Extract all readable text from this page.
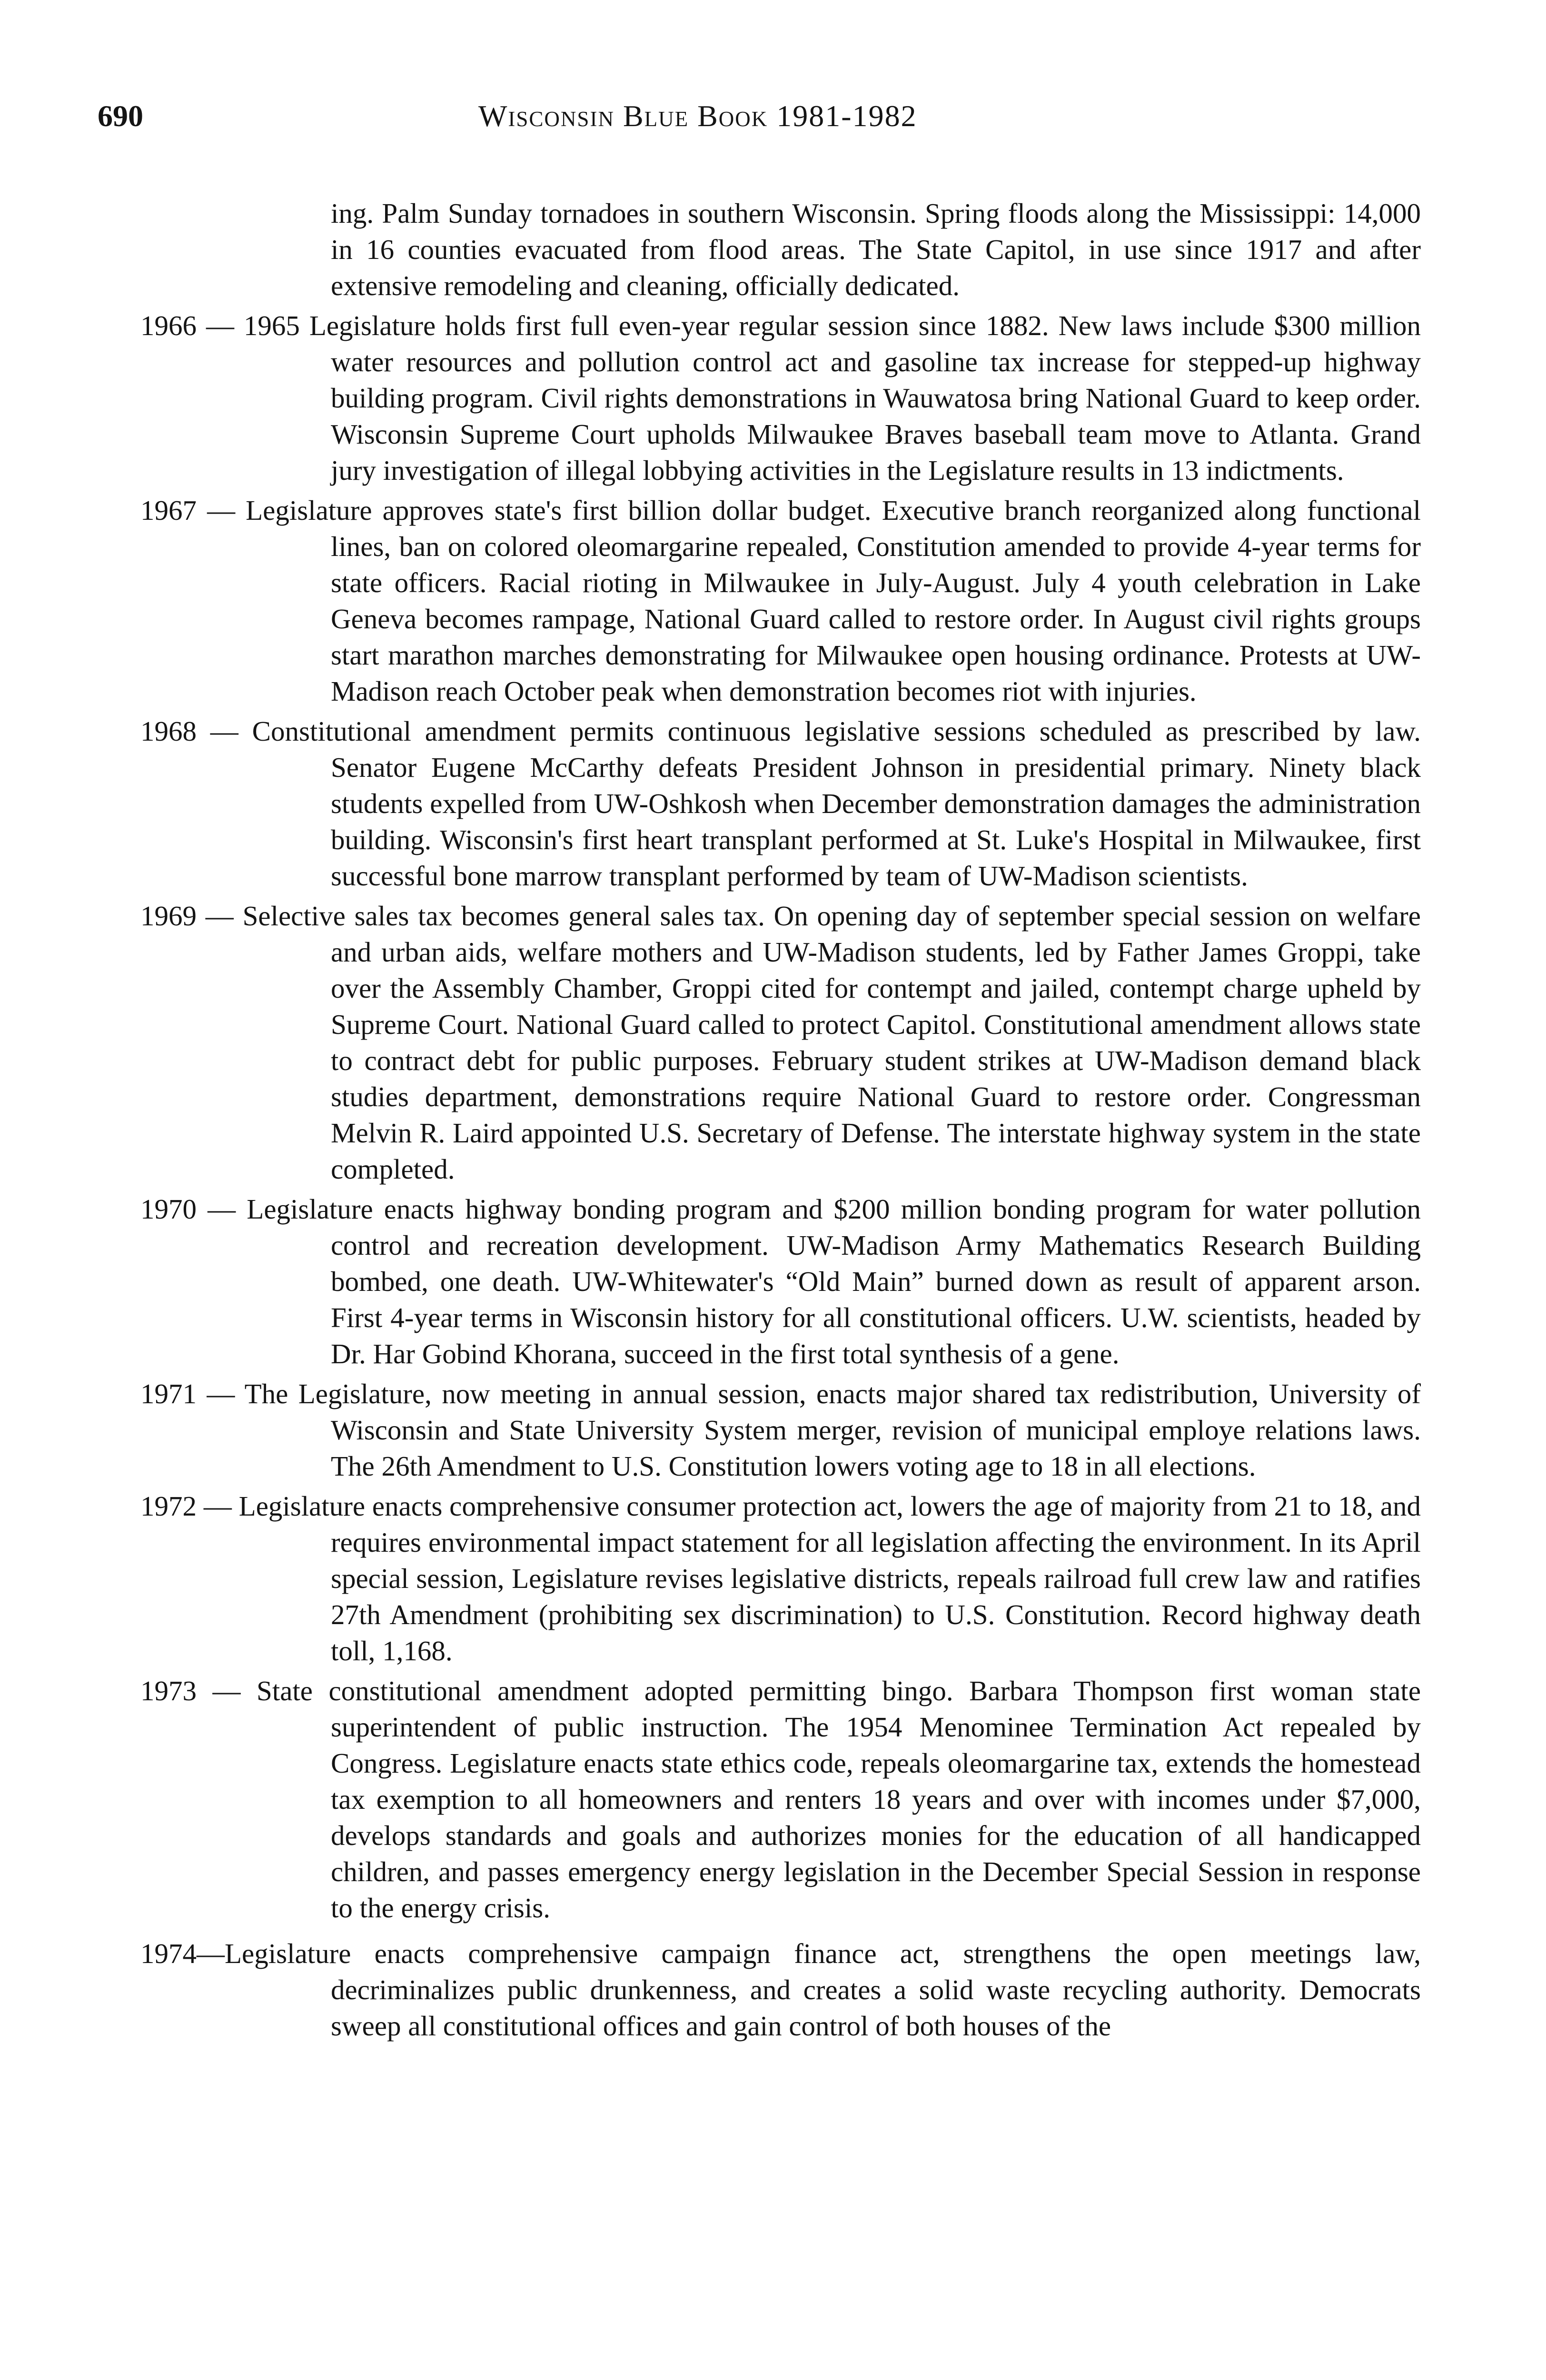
690	Wisconsin Blue Book 1981-1982

ing. Palm Sunday tornadoes in southern Wisconsin. Spring floods along the Mississippi: 14,000 in 16 counties evacuated from flood areas. The State Capitol, in use since 1917 and after extensive remodeling and cleaning, officially dedicated.

1966 — 1965 Legislature holds first full even-year regular session since 1882. New laws include $300 million water resources and pollution control act and gasoline tax increase for stepped-up highway building program. Civil rights demonstrations in Wauwatosa bring National Guard to keep order. Wisconsin Supreme Court upholds Milwaukee Braves baseball team move to Atlanta. Grand jury investigation of illegal lobbying activities in the Legislature results in 13 indictments.

1967 — Legislature approves state's first billion dollar budget. Executive branch reorganized along functional lines, ban on colored oleomargarine repealed, Constitution amended to provide 4-year terms for state officers. Racial rioting in Milwaukee in July-August. July 4 youth celebration in Lake Geneva becomes rampage, National Guard called to restore order. In August civil rights groups start marathon marches demonstrating for Milwaukee open housing ordinance. Protests at UW-Madison reach October peak when demonstration becomes riot with injuries.

1968 — Constitutional amendment permits continuous legislative sessions scheduled as prescribed by law. Senator Eugene McCarthy defeats President Johnson in presidential primary. Ninety black students expelled from UW-Oshkosh when December demonstration damages the administration building. Wisconsin's first heart transplant performed at St. Luke's Hospital in Milwaukee, first successful bone marrow transplant performed by team of UW-Madison scientists.

1969 — Selective sales tax becomes general sales tax. On opening day of september special session on welfare and urban aids, welfare mothers and UW-Madison students, led by Father James Groppi, take over the Assembly Chamber, Groppi cited for contempt and jailed, contempt charge upheld by Supreme Court. National Guard called to protect Capitol. Constitutional amendment allows state to contract debt for public purposes. February student strikes at UW-Madison demand black studies department, demonstrations require National Guard to restore order. Congressman Melvin R. Laird appointed U.S. Secretary of Defense. The interstate highway system in the state completed.

1970 — Legislature enacts highway bonding program and $200 million bonding program for water pollution control and recreation development. UW-Madison Army Mathematics Research Building bombed, one death. UW-Whitewater's “Old Main” burned down as result of apparent arson. First 4-year terms in Wisconsin history for all constitutional officers. U.W. scientists, headed by Dr. Har Gobind Khorana, succeed in the first total synthesis of a gene.

1971 — The Legislature, now meeting in annual session, enacts major shared tax redistribution, University of Wisconsin and State University System merger, revision of municipal employe relations laws. The 26th Amendment to U.S. Constitution lowers voting age to 18 in all elections.

1972 — Legislature enacts comprehensive consumer protection act, lowers the age of majority from 21 to 18, and requires environmental impact statement for all legislation affecting the environment. In its April special session, Legislature revises legislative districts, repeals railroad full crew law and ratifies 27th Amendment (prohibiting sex discrimination) to U.S. Constitution. Record highway death toll, 1,168.

1973 — State constitutional amendment adopted permitting bingo. Barbara Thompson first woman state superintendent of public instruction. The 1954 Menominee Termination Act repealed by Congress. Legislature enacts state ethics code, repeals oleomargarine tax, extends the homestead tax exemption to all homeowners and renters 18 years and over with incomes under $7,000, develops standards and goals and authorizes monies for the education of all handicapped children, and passes emergency energy legislation in the December Special Session in response to the energy crisis.

1974—Legislature enacts comprehensive campaign finance act, strengthens the open meetings law, decriminalizes public drunkenness, and creates a solid waste recycling authority. Democrats sweep all constitutional offices and gain control of both houses of the
